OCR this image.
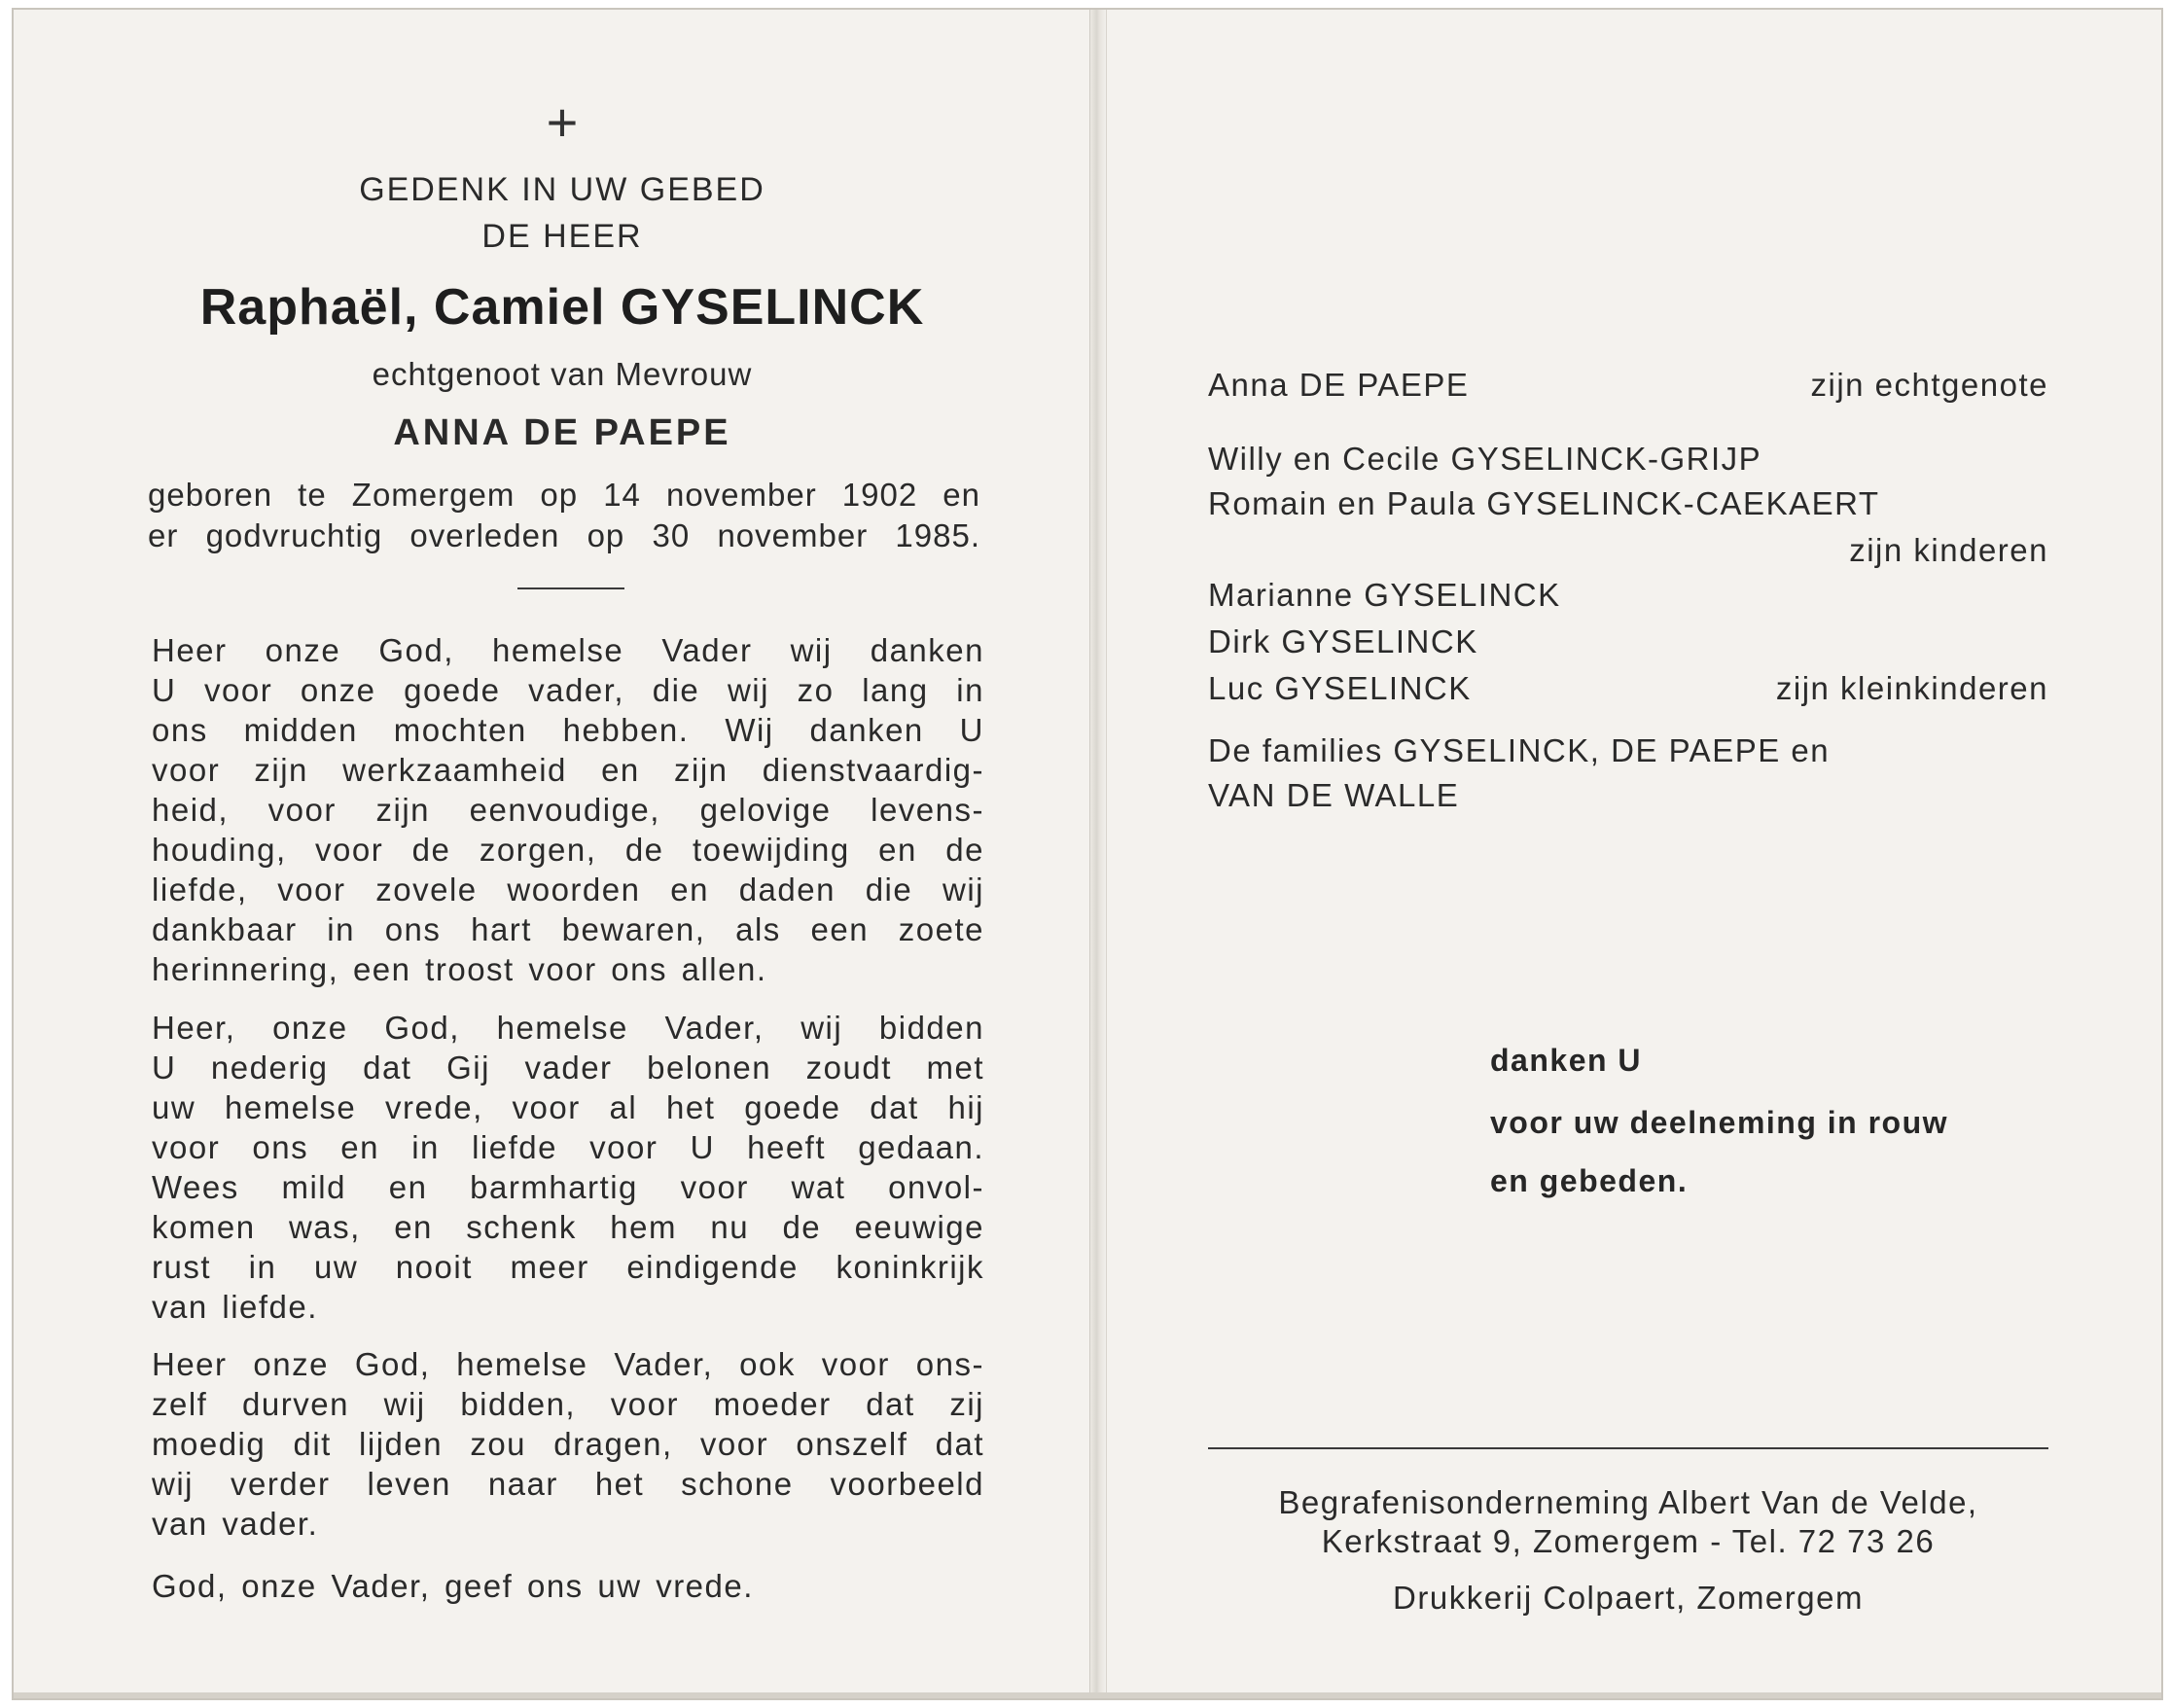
+
GEDENK IN UW GEBED
DE HEER
Raphaël, Camiel GYSELINCK
echtgenoot van Mevrouw
ANNA DE PAEPE
geboren te Zomergem op 14 november 1902 en
er godvruchtig overleden op 30 november 1985.
Heer onze God, hemelse Vader wij danken
U voor onze goede vader, die wij zo lang in
ons midden mochten hebben. Wij danken U
voor zijn werkzaamheid en zijn dienstvaardig-
heid, voor zijn eenvoudige, gelovige levens-
houding, voor de zorgen, de toewijding en de
liefde, voor zovele woorden en daden die wij
dankbaar in ons hart bewaren, als een zoete
herinnering, een troost voor ons allen.
Heer, onze God, hemelse Vader, wij bidden
U nederig dat Gij vader belonen zoudt met
uw hemelse vrede, voor al het goede dat hij
voor ons en in liefde voor U heeft gedaan.
Wees mild en barmhartig voor wat onvol-
komen was, en schenk hem nu de eeuwige
rust in uw nooit meer eindigende koninkrijk
van liefde.
Heer onze God, hemelse Vader, ook voor ons-
zelf durven wij bidden, voor moeder dat zij
moedig dit lijden zou dragen, voor onszelf dat
wij verder leven naar het schone voorbeeld
van vader.
God, onze Vader, geef ons uw vrede.
Anna DE PAEPE	zijn echtgenote
Willy en Cecile GYSELINCK-GRIJP
Romain en Paula GYSELINCK-CAEKAERT
zijn kinderen
Marianne GYSELINCK
Dirk GYSELINCK
Luc GYSELINCK	zijn kleinkinderen
De families GYSELINCK, DE PAEPE en
VAN DE WALLE
danken U
voor uw deelneming in rouw
en gebeden.
Begrafenisonderneming Albert Van de Velde,
Kerkstraat 9, Zomergem - Tel. 72 73 26
Drukkerij Colpaert, Zomergem
